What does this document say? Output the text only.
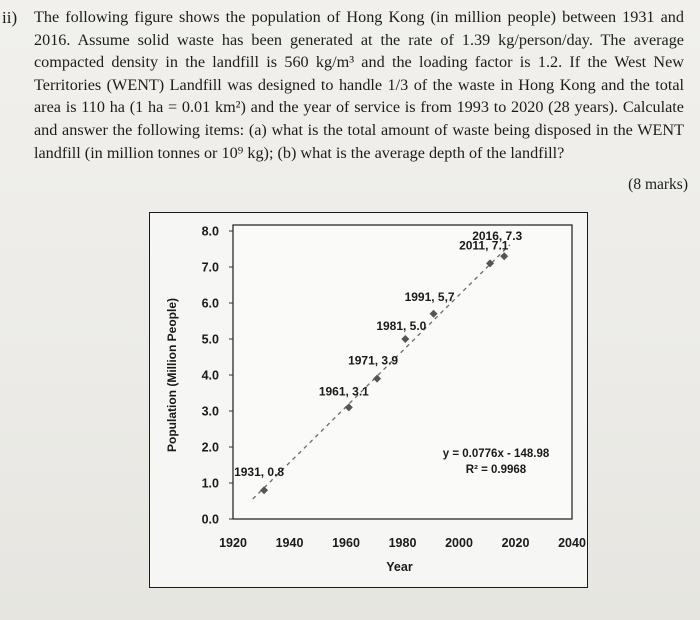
ii) The following figure shows the population of Hong Kong (in million people) between 1931 and 2016. Assume solid waste has been generated at the rate of 1.39 kg/person/day. The average compacted density in the landfill is 560 kg/m³ and the loading factor is 1.2. If the West New Territories (WENT) Landfill was designed to handle 1/3 of the waste in Hong Kong and the total area is 110 ha (1 ha = 0.01 km²) and the year of service is from 1993 to 2020 (28 years). Calculate and answer the following items: (a) what is the total amount of waste being disposed in the WENT landfill (in million tonnes or 10⁹ kg); (b) what is the average depth of the landfill?
(8 marks)
0.0
1.0
2.0
3.0
4.0
5.0
6.0
7.0
8.0
1920 1940 1960 1980 2000 2020 2040
Population (Million People)
Year
1931, 0.8
1961, 3.1
1971, 3.9
1981, 5.0
1991, 5,7
2011, 7.1
2016, 7.3
y = 0.0776x - 148.98
R² = 0.9968
